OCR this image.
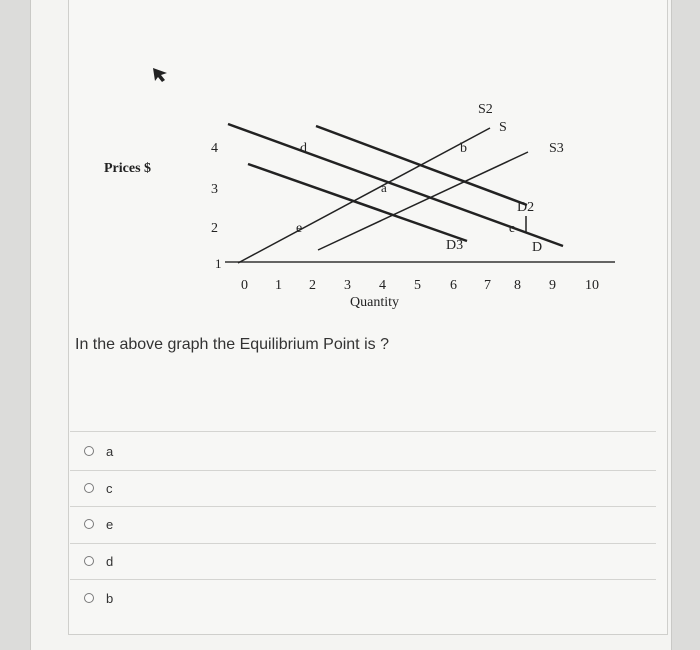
Prices $
4
3
2
1
0 1 2 3 4 5 6 7 8 9 10
Quantity
S2
S
S3
D2
D3	D
d
a
b
e	c
In the above graph the Equilibrium Point is ?
a
c
e
d
b
